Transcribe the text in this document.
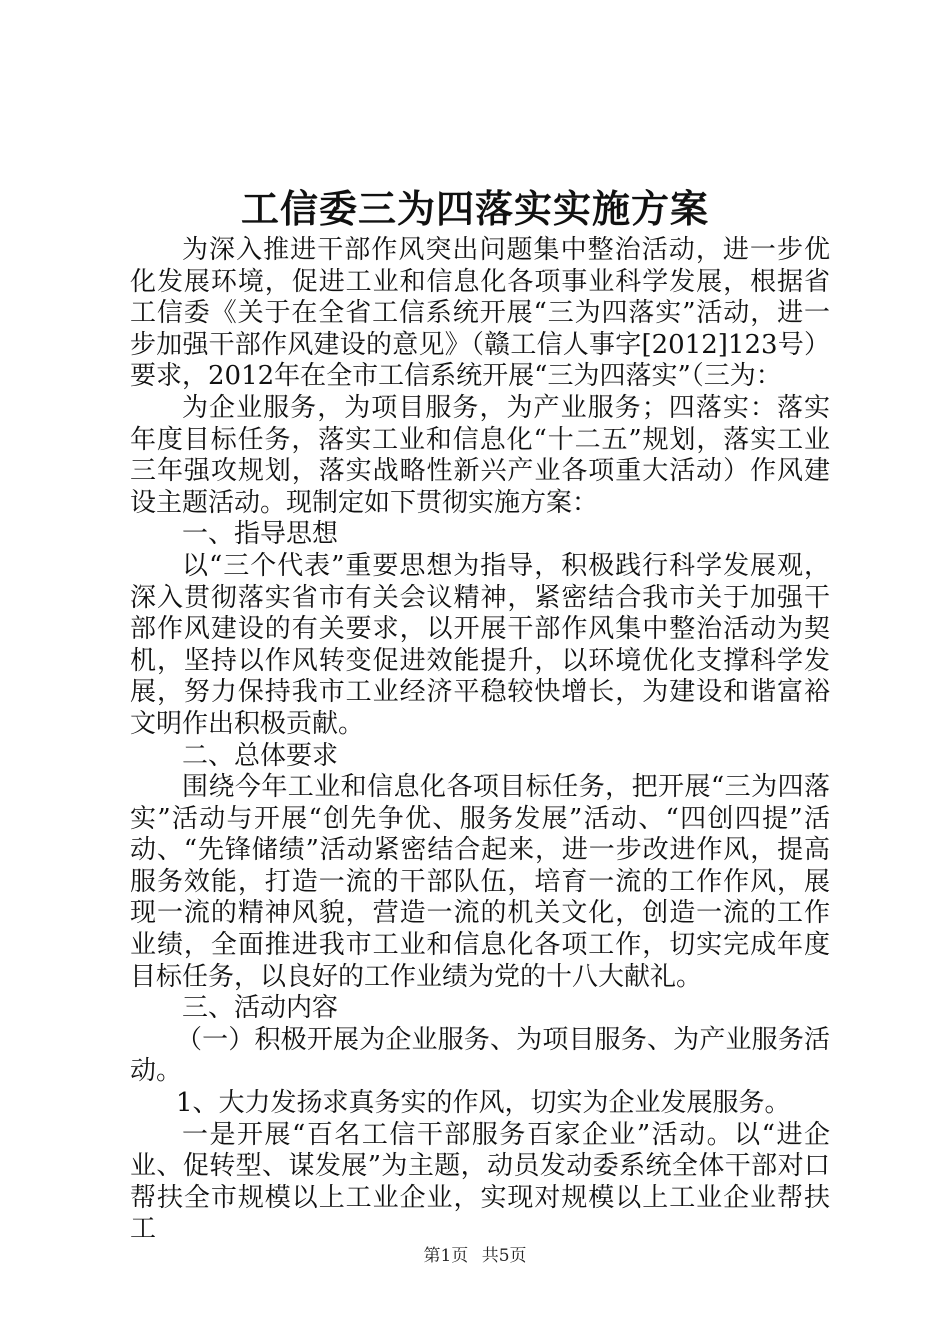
工信委三为四落实实施方案

为深入推进干部作风突出问题集中整治活动，进一步优化发展环境，促进工业和信息化各项事业科学发展，根据省工信委《关于在全省工信系统开展“三为四落实”活动，进一步加强干部作风建设的意见》（赣工信人事字[2012]123号）要求，2012年在全市工信系统开展“三为四落实”（三为：

为企业服务，为项目服务，为产业服务；四落实：落实年度目标任务，落实工业和信息化“十二五”规划，落实工业三年强攻规划，落实战略性新兴产业各项重大活动）作风建设主题活动。现制定如下贯彻实施方案：

一、指导思想

以“三个代表”重要思想为指导，积极践行科学发展观，深入贯彻落实省市有关会议精神，紧密结合我市关于加强干部作风建设的有关要求，以开展干部作风集中整治活动为契机，坚持以作风转变促进效能提升，以环境优化支撑科学发展，努力保持我市工业经济平稳较快增长，为建设和谐富裕文明作出积极贡献。

二、总体要求

围绕今年工业和信息化各项目标任务，把开展“三为四落实”活动与开展“创先争优、服务发展”活动、“四创四提”活动、“先锋储绩”活动紧密结合起来，进一步改进作风，提高服务效能，打造一流的干部队伍，培育一流的工作作风，展现一流的精神风貌，营造一流的机关文化，创造一流的工作业绩，全面推进我市工业和信息化各项工作，切实完成年度目标任务，以良好的工作业绩为党的十八大献礼。

三、活动内容

（一）积极开展为企业服务、为项目服务、为产业服务活动。

1、大力发扬求真务实的作风，切实为企业发展服务。

一是开展“百名工信干部服务百家企业”活动。以“进企业、促转型、谋发展”为主题，动员发动委系统全体干部对口帮扶全市规模以上工业企业，实现对规模以上工业企业帮扶工

第1页 共5页
